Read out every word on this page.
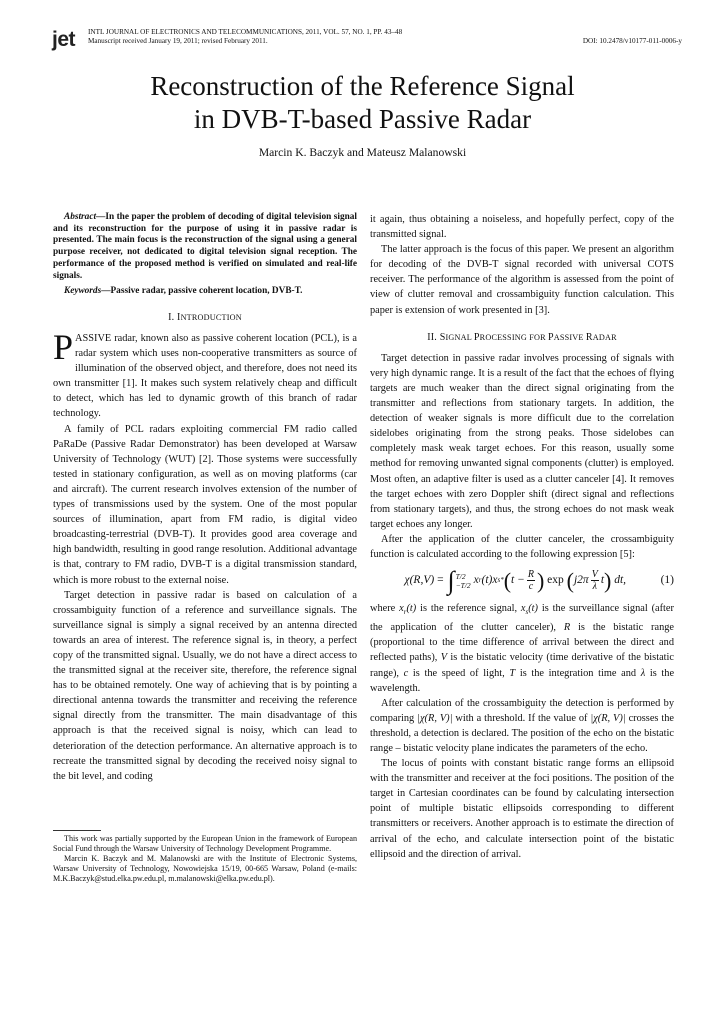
jet INTL JOURNAL OF ELECTRONICS AND TELECOMMUNICATIONS, 2011, VOL. 57, NO. 1, PP. 43–48
Manuscript received January 19, 2011; revised February 2011.	DOI: 10.2478/v10177-011-0006-y
Reconstruction of the Reference Signal
in DVB-T-based Passive Radar
Marcin K. Baczyk and Mateusz Malanowski

Abstract—In the paper the problem of decoding of digital television signal and its reconstruction for the purpose of using it in passive radar is presented. The main focus is the reconstruction of the signal using a general purpose receiver, not dedicated to digital television signal reception. The performance of the proposed method is verified on simulated and real-life signals.

Keywords—Passive radar, passive coherent location, DVB-T.

I. INTRODUCTION

PASSIVE radar, known also as passive coherent location (PCL), is a radar system which uses non-cooperative transmitters as source of illumination of the observed object, and therefore, does not need its own transmitter [1]. It makes such system relatively cheap and difficult to detect, which has led to dynamic growth of this branch of radar technology.

A family of PCL radars exploiting commercial FM radio called PaRaDe (Passive Radar Demonstrator) has been developed at Warsaw University of Technology (WUT) [2]. Those systems were successfully tested in stationary configuration, as well as on moving platforms (car and aircraft). The current research involves extension of the number of types of transmissions used by the system. One of the most popular sources of illumination, apart from FM radio, is digital video broadcasting-terrestrial (DVB-T). It provides good area coverage and high bandwidth, resulting in good range resolution. Additional advantage is that, contrary to FM radio, DVB-T is a digital transmission standard, which is more robust to the external noise.

Target detection in passive radar is based on calculation of a crossambiguity function of a reference and surveillance signals. The surveillance signal is simply a signal received by an antenna directed towards an area of interest. The reference signal is, in theory, a perfect copy of the transmitted signal. Usually, we do not have a direct access to the transmitted signal at the receiver site, therefore, the reference signal has to be obtained remotely. One way of achieving that is by pointing a directional antenna towards the transmitter and receiving the reference signal directly from the transmitter. The main disadvantage of this approach is that the received signal is noisy, which can lead to deterioration of the detection performance. An alternative approach is to recreate the transmitted signal by decoding the received noisy signal to the bit level, and coding

This work was partially supported by the European Union in the framework of European Social Fund through the Warsaw University of Technology Development Programme.

Marcin K. Baczyk and M. Malanowski are with the Institute of Electronic Systems, Warsaw University of Technology, Nowowiejska 15/19, 00-665 Warsaw, Poland (e-mails: M.K.Baczyk@stud.elka.pw.edu.pl, m.malanowski@elka.pw.edu.pl).

it again, thus obtaining a noiseless, and hopefully perfect, copy of the transmitted signal.

The latter approach is the focus of this paper. We present an algorithm for decoding of the DVB-T signal recorded with universal COTS receiver. The performance of the algorithm is assessed from the point of view of clutter removal and crossambiguity function calculation. This paper is extension of work presented in [3].

II. SIGNAL PROCESSING FOR PASSIVE RADAR

Target detection in passive radar involves processing of signals with very high dynamic range. It is a result of the fact that the echoes of flying targets are much weaker than the direct signal originating from the transmitter and reflections from stationary targets. In addition, the detection of weaker signals is more difficult due to the correlation sidelobes originating from the strong peaks. Those sidelobes can completely mask weak target echoes. For this reason, usually some method for removing unwanted signal components (clutter) is employed. Most often, an adaptive filter is used as a clutter canceler [4]. It removes the target echoes with zero Doppler shift (direct signal and reflections from stationary targets), and thus, the strong echoes do not mask weak target echoes any longer.

After the application of the clutter canceler, the crossambiguity function is calculated according to the following expression [5]:

χ( R , V ) = ∫ T/2
−T/2 x r (t)x s * ( $t - \frac{R}{c}$ ) exp ( $j2\pi \frac{V}{\lambda}$ t ) dt,	(1)

where $x_r(t)$ is the reference signal, $x_s(t)$ is the surveillance signal (after the application of the clutter canceler), R is the bistatic range (proportional to the time difference of arrival between the direct and reflected paths), V is the bistatic velocity (time derivative of the bistatic range), c is the speed of light, T is the integration time and λ is the wavelength.

After calculation of the crossambiguity the detection is performed by comparing |χ(R, V)| with a threshold. If the value of |χ(R, V)| crosses the threshold, a detection is declared. The position of the echo on the bistatic range – bistatic velocity plane indicates the parameters of the echo.

The locus of points with constant bistatic range forms an ellipsoid with the transmitter and receiver at the foci positions. The position of the target in Cartesian coordinates can be found by calculating intersection point of multiple bistatic ellipsoids corresponding to different transmitters or receivers. Another approach is to estimate the direction of arrival of the echo, and calculate intersection point of the bistatic ellipsoid and the direction of arrival.
